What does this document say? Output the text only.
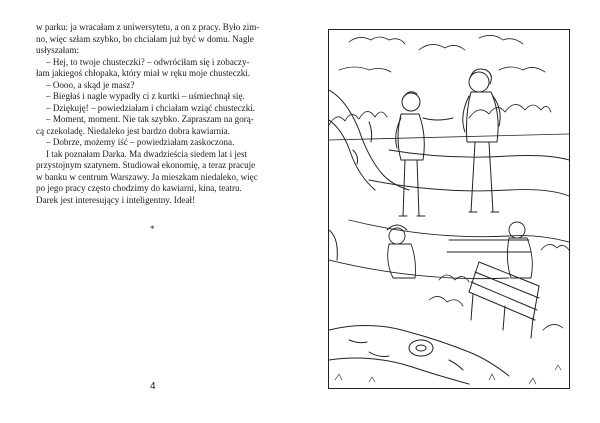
w parku: ja wracałam z uniwersytetu, a on z pracy. Było zim-
no, więc szłam szybko, bo chciałam już być w domu. Nagle
usłyszałam:
– Hej, to twoje chusteczki? – odwróciłam się i zobaczy-
łam jakiegoś chłopaka, który miał w ręku moje chusteczki.
– Oooo, a skąd je masz?
– Biegłaś i nagle wypadły ci z kurtki – uśmiechnął się.
– Dziękuję! – powiedziałam i chciałam wziąć chusteczki.
– Moment, moment. Nie tak szybko. Zapraszam na gorą-
cą czekoladę. Niedaleko jest bardzo dobra kawiarnia.
– Dobrze, możemy iść – powiedziałam zaskoczona.
I tak poznałam Darka. Ma dwadzieścia siedem lat i jest
przystojnym szatynem. Studiował ekonomię, a teraz pracuje
w banku w centrum Warszawy. Ja mieszkam niedaleko, więc
po jego pracy często chodzimy do kawiarni, kina, teatru.
Darek jest interesujący i inteligentny. Ideał!
*
4
